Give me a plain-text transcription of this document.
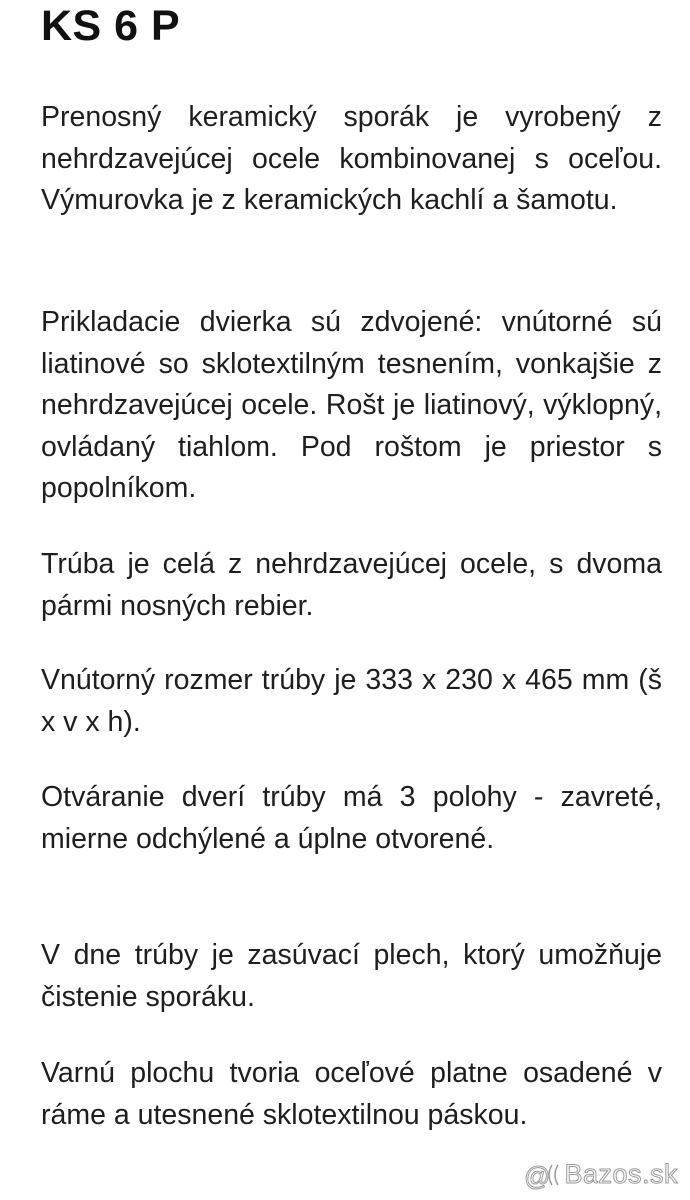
KS 6 P

Prenosný keramický sporák je vyrobený z nehrdzavejúcej ocele kombinovanej s oceľou. Výmurovka je z keramických kachlí a šamotu.

Prikladacie dvierka sú zdvojené: vnútorné sú liatinové so sklotextilným tesnením, vonkajšie z nehrdzavejúcej ocele. Rošt je liatinový, výklopný, ovládaný tiahlom. Pod roštom je priestor s popolníkom.

Trúba je celá z nehrdzavejúcej ocele, s dvoma pármi nosných rebier.

Vnútorný rozmer trúby je 333 x 230 x 465 mm (š x v x h).

Otváranie dverí trúby má 3 polohy - zavreté, mierne odchýlené a úplne otvorené.

V dne trúby je zasúvací plech, ktorý umožňuje čistenie sporáku.

Varnú plochu tvoria oceľové platne osadené v ráme a utesnené sklotextilnou páskou.

@ Bazos.sk
